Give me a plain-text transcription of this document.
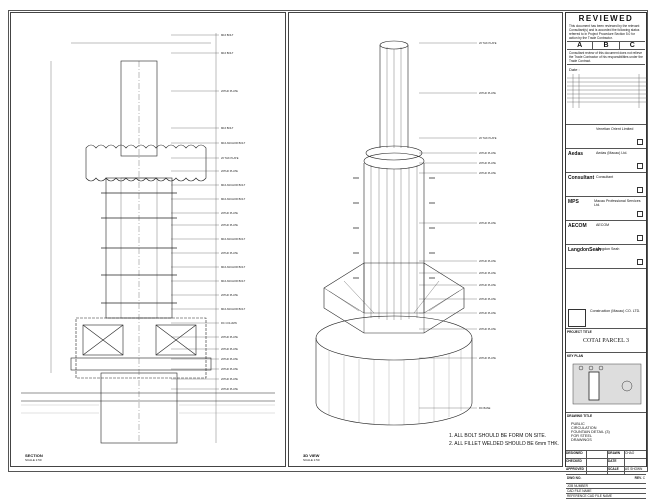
M16 BOLT
M16 BOLT
20THK PLATE
M16 BOLT
M16 ANCHOR BOLT
20 THK PLATE
20THK PLATE
M16 ANCHOR BOLT
M16 ANCHOR BOLT
20THK PLATE
20THK PLATE
M16 ANCHOR BOLT
20THK PLATE
M16 ANCHOR BOLT
M16 ANCHOR BOLT
20THK PLATE
M16 ANCHOR BOLT
RC COLUMN
20THK PLATE
20THK PLATE
20THK PLATE
20THK PLATE
20THK PLATE
20THK PLATE
SECTION
SCALE 1:50
20 THK PLATE
20THK PLATE
20 THK PLATE
20THK PLATE
20THK PLATE
20THK PLATE
20THK PLATE
20THK PLATE
20THK PLATE
20THK PLATE
20THK PLATE
20THK PLATE
20THK PLATE
20THK PLATE
RC BASE
1. ALL BOLT SHOULD BE FORM ON SITE.
2. ALL FILLET WELDED SHOULD BE 6mm THK.
3D VIEW
SCALE 1:50
REVIEWED
This document has been reviewed by the relevant Consultant(s) and is accorded the following status referred to in Project Procedure Section 5.0 for action by the Trade Contractor.
A	B	C
Consultant review of this document does not relieve the Trade Contractor of his responsibilities under the Trade Contract.
Date :
Venetian Orient Limited
Aedas	Aedas (Macau) Ltd.
Consultant Consultant
MPS	Macau Professional Services Ltd.
AECOM	AECOM
LangdonSeah
Langdon Seah
Construction (Macau) CO. LTD.
PROJECT TITLE
COTAI PARCEL 3
KEY PLAN
DRAWING TITLE
PUBLIC CIRCULATION FOUNTAIN DETAIL (3) FOR STEEL DRAWINGS
DESIGNED	DRAWN	CHAO
CHECKED	DATE
APPROVED	SCALE	AS SHOWN
DWG NO.	REV. C
JOB NUMBER
CAD FILE NAME
REFERENCE CAD FILE NAME
